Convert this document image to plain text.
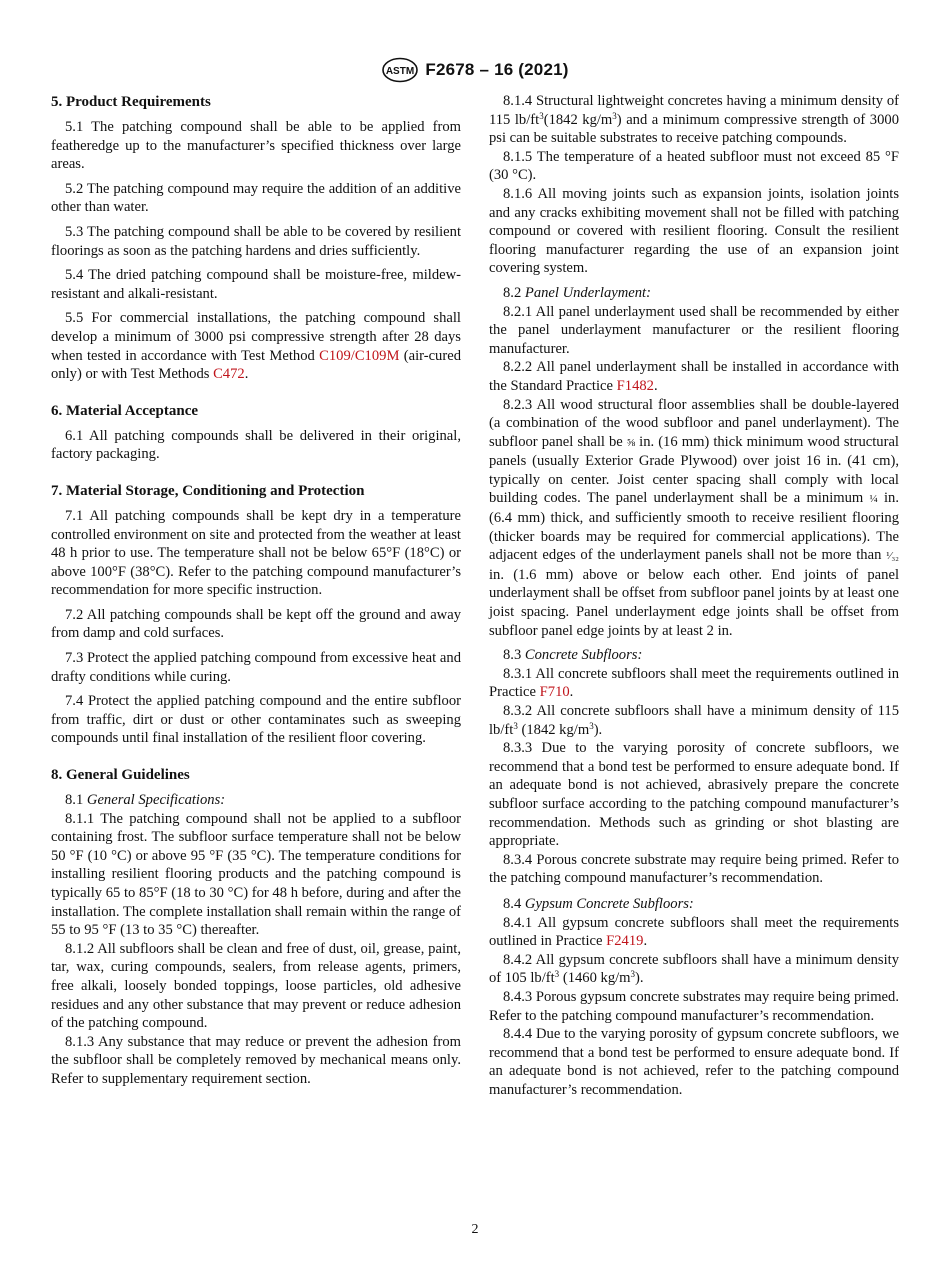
ASTM F2678 – 16 (2021)
5. Product Requirements

5.1 The patching compound shall be able to be applied from featheredge up to the manufacturer’s specified thickness over large areas.

5.2 The patching compound may require the addition of an additive other than water.

5.3 The patching compound shall be able to be covered by resilient floorings as soon as the patching hardens and dries sufficiently.

5.4 The dried patching compound shall be moisture-free, mildew-resistant and alkali-resistant.

5.5 For commercial installations, the patching compound shall develop a minimum of 3000 psi compressive strength after 28 days when tested in accordance with Test Method C109/C109M (air-cured only) or with Test Methods C472.

6. Material Acceptance

6.1 All patching compounds shall be delivered in their original, factory packaging.

7. Material Storage, Conditioning and Protection

7.1 All patching compounds shall be kept dry in a temperature controlled environment on site and protected from the weather at least 48 h prior to use. The temperature shall not be below 65°F (18°C) or above 100°F (38°C). Refer to the patching compound manufacturer’s recommendation for more specific instruction.

7.2 All patching compounds shall be kept off the ground and away from damp and cold surfaces.

7.3 Protect the applied patching compound from excessive heat and drafty conditions while curing.

7.4 Protect the applied patching compound and the entire subfloor from traffic, dirt or dust or other contaminates such as sweeping compounds until final installation of the resilient floor covering.

8. General Guidelines

8.1 General Specifications:

8.1.1 The patching compound shall not be applied to a subfloor containing frost. The subfloor surface temperature shall not be below 50 °F (10 °C) or above 95 °F (35 °C). The temperature conditions for installing resilient flooring products and the patching compound is typically 65 to 85°F (18 to 30 °C) for 48 h before, during and after the installation. The complete installation shall remain within the range of 55 to 95 °F (13 to 35 °C) thereafter.

8.1.2 All subfloors shall be clean and free of dust, oil, grease, paint, tar, wax, curing compounds, sealers, from release agents, primers, free alkali, loosely bonded toppings, loose particles, old adhesive residues and any other substance that may prevent or reduce adhesion of the patching compound.

8.1.3 Any substance that may reduce or prevent the adhesion from the subfloor shall be completely removed by mechanical means only. Refer to supplementary requirement section.

8.1.4 Structural lightweight concretes having a minimum density of 115 $lb/ft^3(1842$ $kg/m^3$) and a minimum compressive strength of 3000 psi can be suitable substrates to receive patching compounds.

8.1.5 The temperature of a heated subfloor must not exceed 85 °F (30 °C).

8.1.6 All moving joints such as expansion joints, isolation joints and any cracks exhibiting movement shall not be filled with patching compound or covered with resilient flooring. Consult the resilient flooring manufacturer regarding the use of an expansion joint covering system.

8.2 Panel Underlayment:

8.2.1 All panel underlayment used shall be recommended by either the panel underlayment manufacturer or the resilient flooring manufacturer.

8.2.2 All panel underlayment shall be installed in accordance with the Standard Practice F1482.

8.2.3 All wood structural floor assemblies shall be double-layered (a combination of the wood subfloor and panel underlayment). The subfloor panel shall be ⅝ in. (16 mm) thick minimum wood structural panels (usually Exterior Grade Plywood) over joist 16 in. (41 cm), typically on center. Joist center spacing shall comply with local building codes. The panel underlayment shall be a minimum ¼ in. (6.4 mm) thick, and sufficiently smooth to receive resilient flooring (thicker boards may be required for commercial applications). The adjacent edges of the underlayment panels shall not be more than ¹⁄₃₂ in. (1.6 mm) above or below each other. End joints of panel underlayment shall be offset from subfloor panel joints by at least one joist spacing. Panel underlayment edge joints shall be offset from subfloor panel edge joints by at least 2 in.

8.3 Concrete Subfloors:

8.3.1 All concrete subfloors shall meet the requirements outlined in Practice F710.

8.3.2 All concrete subfloors shall have a minimum density of 115 $lb/ft^3$ (1842 $kg/m^3$).

8.3.3 Due to the varying porosity of concrete subfloors, we recommend that a bond test be performed to ensure adequate bond. If an adequate bond is not achieved, abrasively prepare the concrete subfloor surface according to the patching compound manufacturer’s recommendation. Methods such as grinding or shot blasting are appropriate.

8.3.4 Porous concrete substrate may require being primed. Refer to the patching compound manufacturer’s recommendation.

8.4 Gypsum Concrete Subfloors:

8.4.1 All gypsum concrete subfloors shall meet the requirements outlined in Practice F2419.

8.4.2 All gypsum concrete subfloors shall have a minimum density of 105 $lb/ft^3$ (1460 $kg/m^3$).

8.4.3 Porous gypsum concrete substrates may require being primed. Refer to the patching compound manufacturer’s recommendation.

8.4.4 Due to the varying porosity of gypsum concrete subfloors, we recommend that a bond test be performed to ensure adequate bond. If an adequate bond is not achieved, refer to the patching compound manufacturer’s recommendation.

2
